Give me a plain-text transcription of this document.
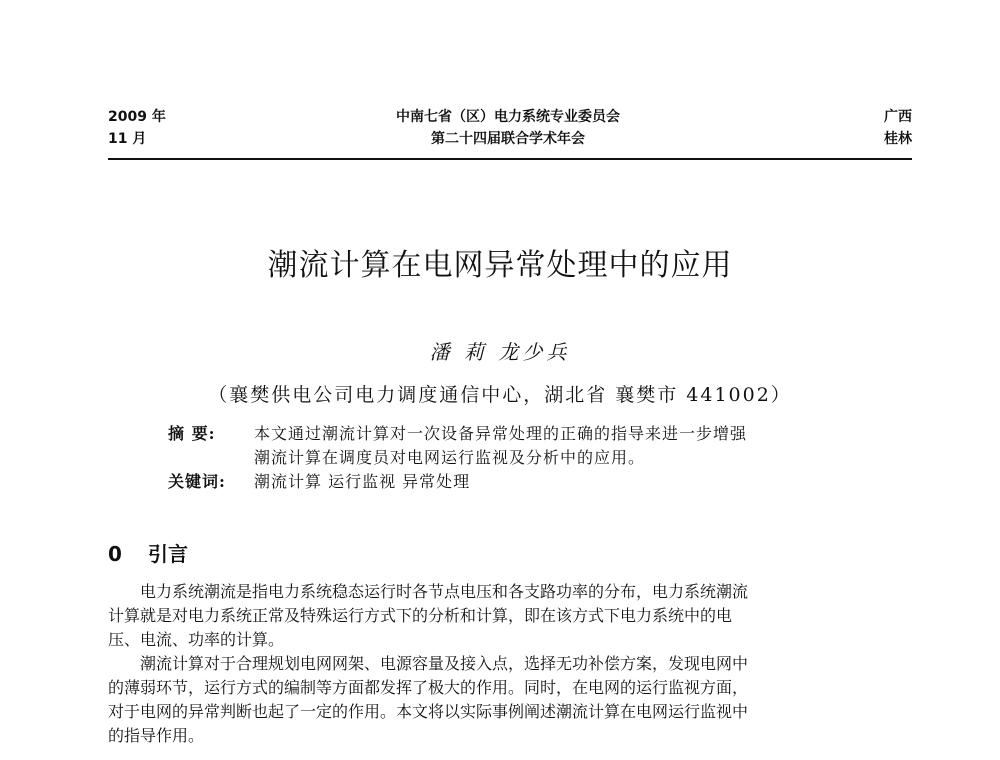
2009 年
11 月
中南七省（区）电力系统专业委员会
第二十四届联合学术年会
广西
桂林
潮流计算在电网异常处理中的应用
潘 莉 龙少兵
（襄樊供电公司电力调度通信中心，湖北省 襄樊市 441002）
摘 要: 本文通过潮流计算对一次设备异常处理的正确的指导来进一步增强
潮流计算在调度员对电网运行监视及分析中的应用。
关键词: 潮流计算 运行监视 异常处理
0 引言
电力系统潮流是指电力系统稳态运行时各节点电压和各支路功率的分布，电力系统潮流
计算就是对电力系统正常及特殊运行方式下的分析和计算，即在该方式下电力系统中的电
压、电流、功率的计算。
潮流计算对于合理规划电网网架、电源容量及接入点，选择无功补偿方案，发现电网中
的薄弱环节，运行方式的编制等方面都发挥了极大的作用。同时，在电网的运行监视方面，
对于电网的异常判断也起了一定的作用。本文将以实际事例阐述潮流计算在电网运行监视中
的指导作用。
